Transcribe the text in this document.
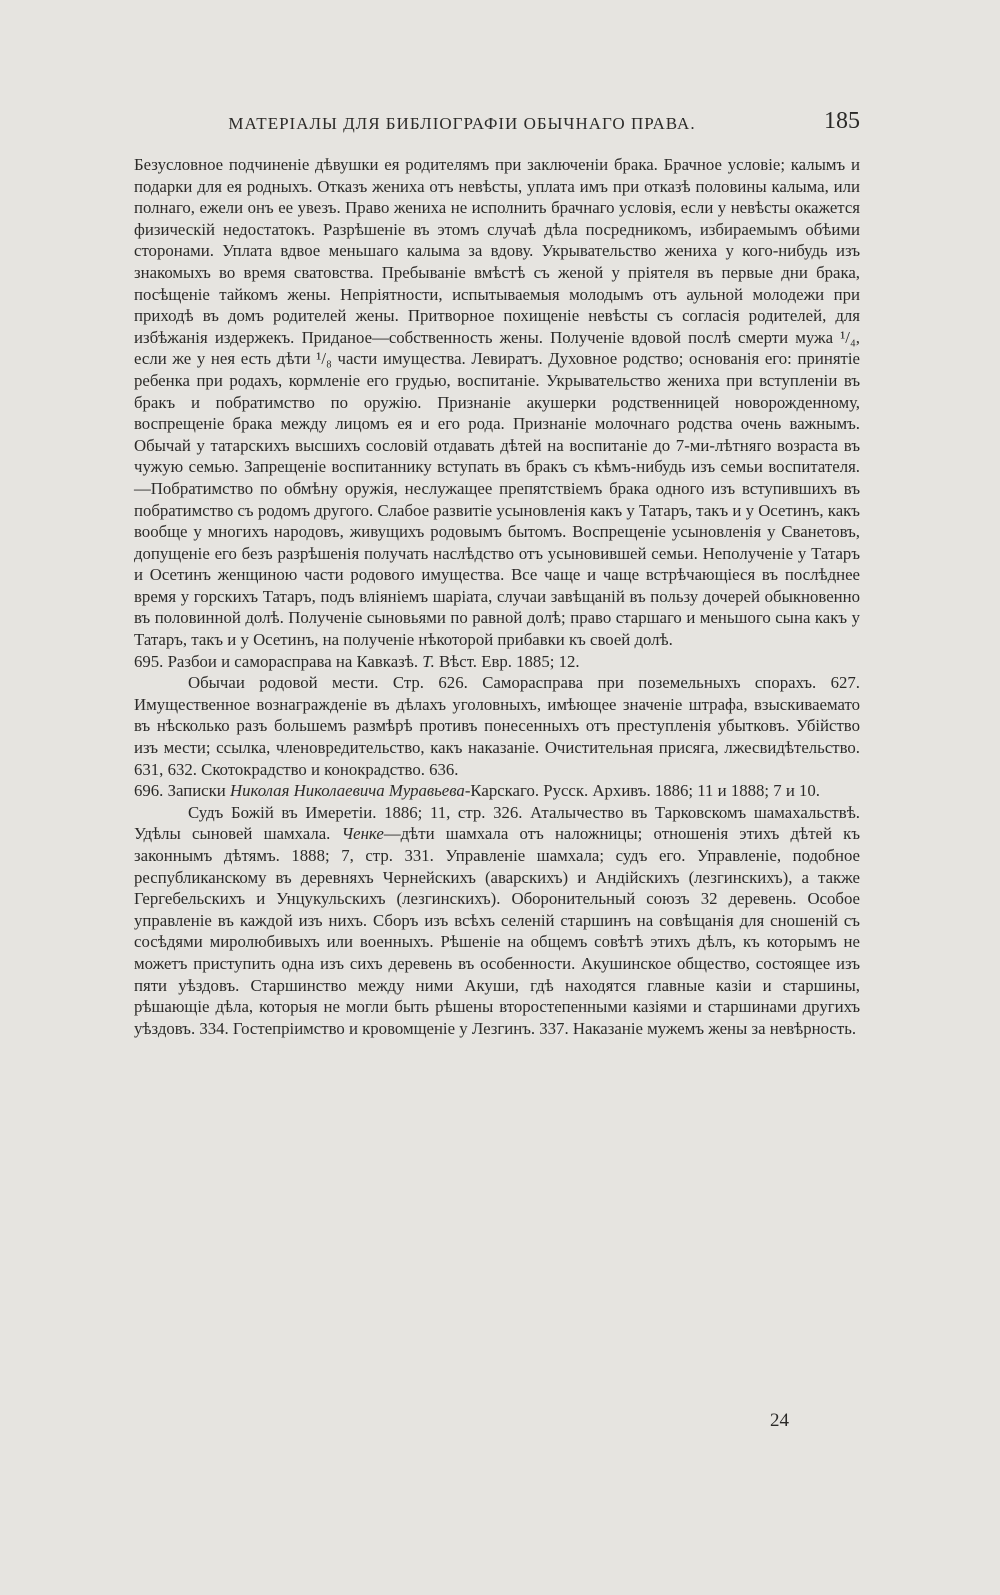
МАТЕРІАЛЫ ДЛЯ БИБЛІОГРАФІИ ОБЫЧНАГО ПРАВА.	185

Безусловное подчиненіе дѣвушки ея родителямъ при заключеніи брака. Брачное условіе; калымъ и подарки для ея родныхъ. Отказъ жениха отъ невѣсты, уплата имъ при отказѣ половины калыма, или полнаго, ежели онъ ее увезъ. Право жениха не исполнить брачнаго условія, если у невѣсты окажется физическій недостатокъ. Разрѣшеніе въ этомъ случаѣ дѣла посредникомъ, избираемымъ обѣими сторонами. Уплата вдвое меньшаго калыма за вдову. Укрывательство жениха у кого-нибудь изъ знакомыхъ во время сватовства. Пребываніе вмѣстѣ съ женой у пріятеля въ первые дни брака, посѣщеніе тайкомъ жены. Непріятности, испытываемыя молодымъ отъ аульной молодежи при приходѣ въ домъ родителей жены. Притворное похищеніе невѣсты съ согласія родителей, для избѣжанія издержекъ. Приданое—собственность жены. Полученіе вдовой послѣ смерти мужа ¹/₄, если же у нея есть дѣти ¹/₈ части имущества. Левиратъ. Духовное родство; основанія его: принятіе ребенка при родахъ, кормленіе его грудью, воспитаніе. Укрывательство жениха при вступленіи въ бракъ и побратимство по оружію. Признаніе акушерки родственницей новорожденному, воспрещеніе брака между лицомъ ея и его рода. Признаніе молочнаго родства очень важнымъ. Обычай у татарскихъ высшихъ сословій отдавать дѣтей на воспитаніе до 7-ми-лѣтняго возраста въ чужую семью. Запрещеніе воспитаннику вступать въ бракъ съ кѣмъ-нибудь изъ семьи воспитателя.—Побратимство по обмѣну оружія, неслужащее препятствіемъ брака одного изъ вступившихъ въ побратимство съ родомъ другого. Слабое развитіе усыновленія какъ у Татаръ, такъ и у Осетинъ, какъ вообще у многихъ народовъ, живущихъ родовымъ бытомъ. Воспрещеніе усыновленія у Сванетовъ, допущеніе его безъ разрѣшенія получать наслѣдство отъ усыновившей семьи. Неполученіе у Татаръ и Осетинъ женщиною части родового имущества. Все чаще и чаще встрѣчающіеся въ послѣднее время у горскихъ Татаръ, подъ вліяніемъ шаріата, случаи завѣщаній въ пользу дочерей обыкновенно въ половинной долѣ. Полученіе сыновьями по равной долѣ; право старшаго и меньшого сына какъ у Татаръ, такъ и у Осетинъ, на полученіе нѣкоторой прибавки къ своей долѣ.

695. Разбои и саморасправа на Кавказѣ. Т. Вѣст. Евр. 1885; 12.

Обычаи родовой мести. Стр. 626. Саморасправа при поземельныхъ спорахъ. 627. Имущественное вознагражденіе въ дѣлахъ уголовныхъ, имѣющее значеніе штрафа, взыскиваемато въ нѣсколько разъ большемъ размѣрѣ противъ понесенныхъ отъ преступленія убытковъ. Убійство изъ мести; ссылка, членовредительство, какъ наказаніе. Очистительная присяга, лжесвидѣтельство. 631, 632. Скотокрадство и конокрадство. 636.

696. Записки Николая Николаевича Муравьева-Карскаго. Русск. Архивъ. 1886; 11 и 1888; 7 и 10.

Судъ Божій въ Имеретіи. 1886; 11, стр. 326. Аталычество въ Тарковскомъ шамахальствѣ. Удѣлы сыновей шамхала. Ченке—дѣти шамхала отъ наложницы; отношенія этихъ дѣтей къ законнымъ дѣтямъ. 1888; 7, стр. 331. Управленіе шамхала; судъ его. Управленіе, подобное республиканскому въ деревняхъ Чернейскихъ (аварскихъ) и Андійскихъ (лезгинскихъ), а также Гергебельскихъ и Унцукульскихъ (лезгинскихъ). Оборонительный союзъ 32 деревень. Особое управленіе въ каждой изъ нихъ. Сборъ изъ всѣхъ селеній старшинъ на совѣщанія для сношеній съ сосѣдями миролюбивыхъ или военныхъ. Рѣшеніе на общемъ совѣтѣ этихъ дѣлъ, къ которымъ не можетъ приступить одна изъ сихъ деревень въ особенности. Акушинское общество, состоящее изъ пяти уѣздовъ. Старшинство между ними Акуши, гдѣ находятся главные казіи и старшины, рѣшающіе дѣла, которыя не могли быть рѣшены второстепенными казіями и старшинами другихъ уѣздовъ. 334. Гостепріимство и кровомщеніе у Лезгинъ. 337. Наказаніе мужемъ жены за невѣрность.

24
